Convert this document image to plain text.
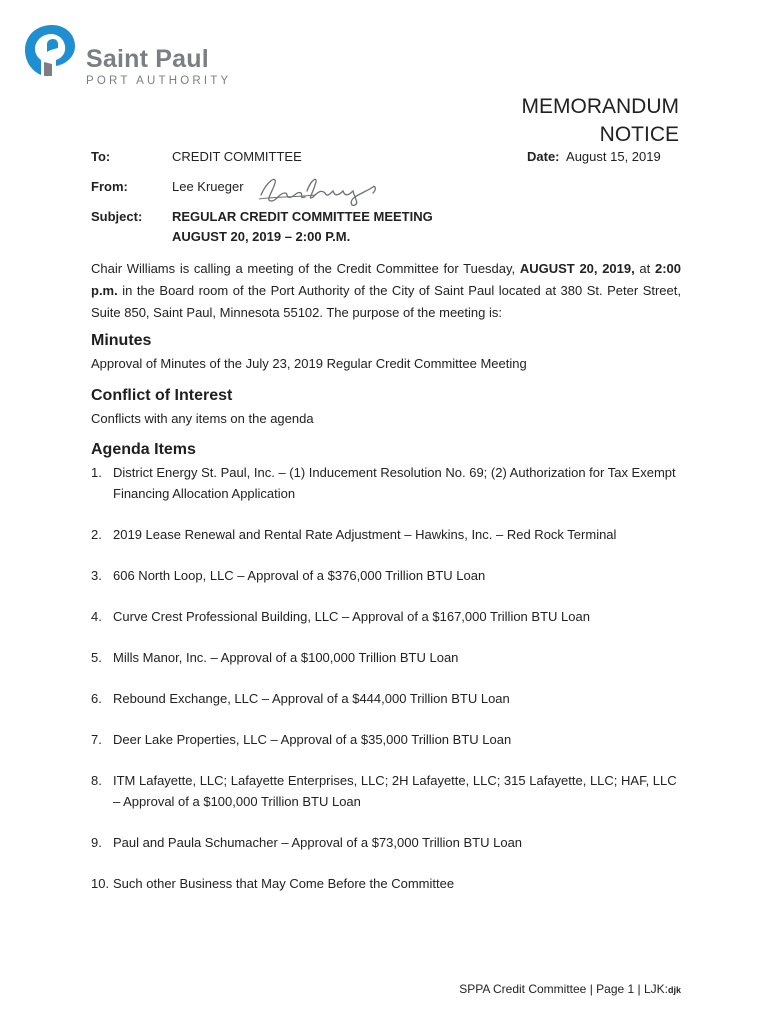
Saint Paul
PORT AUTHORITY
MEMORANDUM
NOTICE
Date: August 15, 2019
To:	CREDIT COMMITTEE
From:	Lee Krueger
Subject:	REGULAR CREDIT COMMITTEE MEETING
AUGUST 20, 2019 – 2:00 P.M.
Chair Williams is calling a meeting of the Credit Committee for Tuesday, AUGUST 20, 2019, at 2:00 p.m. in the Board room of the Port Authority of the City of Saint Paul located at 380 St. Peter Street, Suite 850, Saint Paul, Minnesota 55102. The purpose of the meeting is:
Minutes
Approval of Minutes of the July 23, 2019 Regular Credit Committee Meeting
Conflict of Interest
Conflicts with any items on the agenda
Agenda Items
1. District Energy St. Paul, Inc. – (1) Inducement Resolution No. 69; (2) Authorization for Tax Exempt Financing Allocation Application
2. 2019 Lease Renewal and Rental Rate Adjustment – Hawkins, Inc. – Red Rock Terminal
3. 606 North Loop, LLC – Approval of a $376,000 Trillion BTU Loan
4. Curve Crest Professional Building, LLC – Approval of a $167,000 Trillion BTU Loan
5. Mills Manor, Inc. – Approval of a $100,000 Trillion BTU Loan
6. Rebound Exchange, LLC – Approval of a $444,000 Trillion BTU Loan
7. Deer Lake Properties, LLC – Approval of a $35,000 Trillion BTU Loan
8. ITM Lafayette, LLC; Lafayette Enterprises, LLC; 2H Lafayette, LLC; 315 Lafayette, LLC; HAF, LLC – Approval of a $100,000 Trillion BTU Loan
9. Paul and Paula Schumacher – Approval of a $73,000 Trillion BTU Loan
10. Such other Business that May Come Before the Committee
SPPA Credit Committee | Page 1 | LJK:djk
